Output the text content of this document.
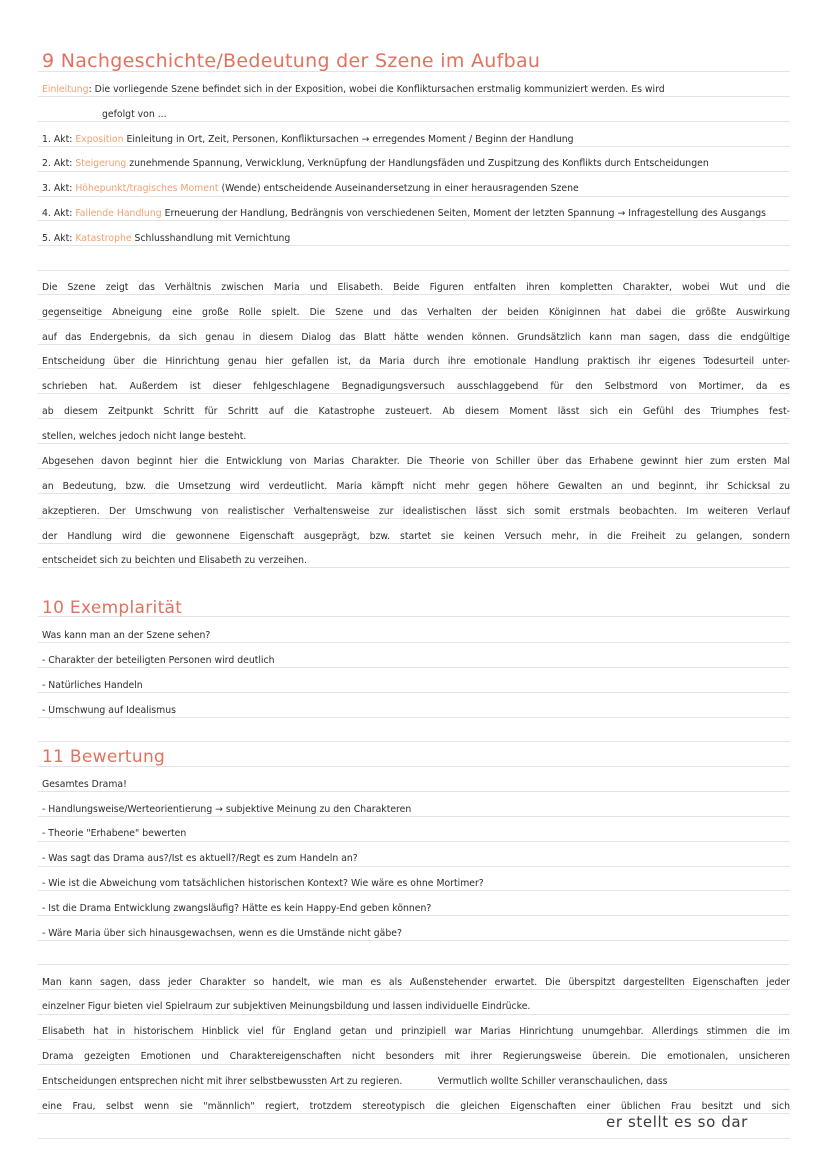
9 Nachgeschichte/Bedeutung der Szene im Aufbau
Einleitung: Die vorliegende Szene befindet sich in der Exposition, wobei die Konfliktursachen erstmalig kommuniziert werden. Es wird
gefolgt von ...
1. Akt: Exposition Einleitung in Ort, Zeit, Personen, Konfliktursachen → erregendes Moment / Beginn der Handlung
2. Akt: Steigerung zunehmende Spannung, Verwicklung, Verknüpfung der Handlungsfäden und Zuspitzung des Konflikts durch Entscheidungen
3. Akt: Höhepunkt/tragisches Moment (Wende) entscheidende Auseinandersetzung in einer herausragenden Szene
4. Akt: Fallende Handlung Erneuerung der Handlung, Bedrängnis von verschiedenen Seiten, Moment der letzten Spannung → Infragestellung des Ausgangs
5. Akt: Katastrophe Schlusshandlung mit Vernichtung
Die Szene zeigt das Verhältnis zwischen Maria und Elisabeth. Beide Figuren entfalten ihren kompletten Charakter, wobei Wut und die
gegenseitige Abneigung eine große Rolle spielt. Die Szene und das Verhalten der beiden Königinnen hat dabei die größte Auswirkung
auf das Endergebnis, da sich genau in diesem Dialog das Blatt hätte wenden können. Grundsätzlich kann man sagen, dass die endgültige
Entscheidung über die Hinrichtung genau hier gefallen ist, da Maria durch ihre emotionale Handlung praktisch ihr eigenes Todesurteil unter-
schrieben hat. Außerdem ist dieser fehlgeschlagene Begnadigungsversuch ausschlaggebend für den Selbstmord von Mortimer, da es
ab diesem Zeitpunkt Schritt für Schritt auf die Katastrophe zusteuert. Ab diesem Moment lässt sich ein Gefühl des Triumphes fest-
stellen, welches jedoch nicht lange besteht.
Abgesehen davon beginnt hier die Entwicklung von Marias Charakter. Die Theorie von Schiller über das Erhabene gewinnt hier zum ersten Mal
an Bedeutung, bzw. die Umsetzung wird verdeutlicht. Maria kämpft nicht mehr gegen höhere Gewalten an und beginnt, ihr Schicksal zu
akzeptieren. Der Umschwung von realistischer Verhaltensweise zur idealistischen lässt sich somit erstmals beobachten. Im weiteren Verlauf
der Handlung wird die gewonnene Eigenschaft ausgeprägt, bzw. startet sie keinen Versuch mehr, in die Freiheit zu gelangen, sondern
entscheidet sich zu beichten und Elisabeth zu verzeihen.
10 Exemplarität
Was kann man an der Szene sehen?
- Charakter der beteiligten Personen wird deutlich
- Natürliches Handeln
- Umschwung auf Idealismus
11 Bewertung
Gesamtes Drama!
- Handlungsweise/Werteorientierung → subjektive Meinung zu den Charakteren
- Theorie "Erhabene" bewerten
- Was sagt das Drama aus?/Ist es aktuell?/Regt es zum Handeln an?
- Wie ist die Abweichung vom tatsächlichen historischen Kontext? Wie wäre es ohne Mortimer?
- Ist die Drama Entwicklung zwangsläufig? Hätte es kein Happy-End geben können?
- Wäre Maria über sich hinausgewachsen, wenn es die Umstände nicht gäbe?
Man kann sagen, dass jeder Charakter so handelt, wie man es als Außenstehender erwartet. Die überspitzt dargestellten Eigenschaften jeder
einzelner Figur bieten viel Spielraum zur subjektiven Meinungsbildung und lassen individuelle Eindrücke.
Elisabeth hat in historischem Hinblick viel für England getan und prinzipiell war Marias Hinrichtung unumgehbar. Allerdings stimmen die im
Drama gezeigten Emotionen und Charaktereigenschaften nicht besonders mit ihrer Regierungsweise überein. Die emotionalen, unsicheren
Entscheidungen entsprechen nicht mit ihrer selbstbewussten Art zu regieren.            Vermutlich wollte Schiller veranschaulichen, dass
eine Frau, selbst wenn sie "männlich" regiert, trotzdem stereotypisch die gleichen Eigenschaften einer üblichen Frau besitzt und sich
er stellt es so dar
